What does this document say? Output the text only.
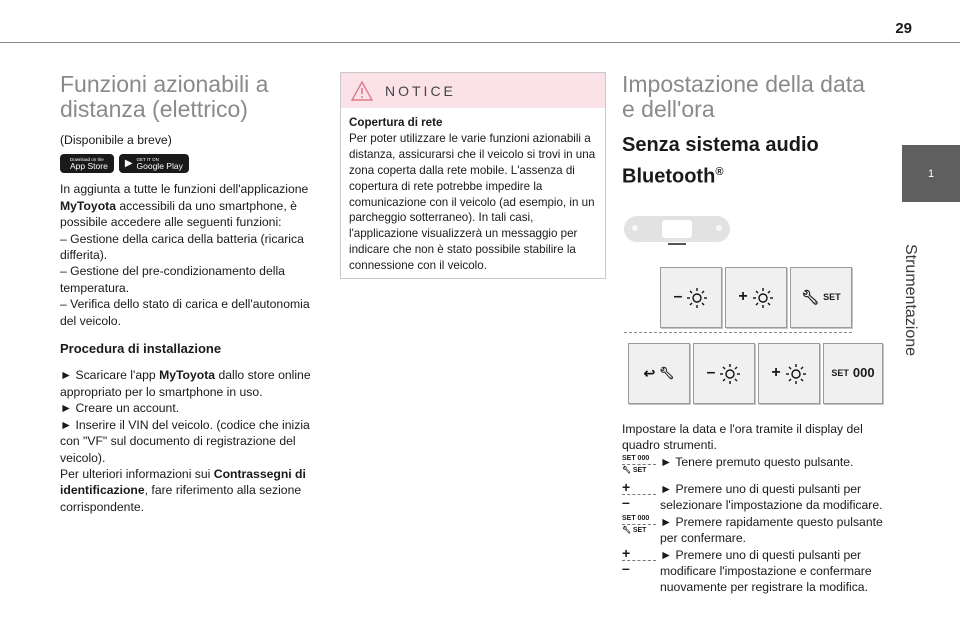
29
1
Strumentazione
Funzioni azionabili a distanza (elettrico)

(Disponibile a breve)

Download on the
App Store ▶ GET IT ON
Google Play

In aggiunta a tutte le funzioni dell'applicazione MyToyota accessibili da uno smartphone, è possibile accedere alle seguenti funzioni:

– Gestione della carica della batteria (ricarica differita).

– Gestione del pre-condizionamento della temperatura.

– Verifica dello stato di carica e dell'autonomia del veicolo.

Procedura di installazione

► Scaricare l'app MyToyota dallo store online appropriato per lo smartphone in uso.

► Creare un account.

► Inserire il VIN del veicolo. (codice che inizia con "VF" sul documento di registrazione del veicolo).

Per ulteriori informazioni sui Contrassegni di identificazione, fare riferimento alla sezione corrispondente.

NOTICE

Copertura di rete

Per poter utilizzare le varie funzioni azionabili a distanza, assicurarsi che il veicolo si trovi in una zona coperta dalla rete mobile. L'assenza di copertura di rete potrebbe impedire la comunicazione con il veicolo (ad esempio, in un parcheggio sotterraneo). In tali casi, l'applicazione visualizzerà un messaggio per indicare che non è stato possibile stabilire la connessione con il veicolo.

Impostazione della data e dell'ora
Senza sistema audio Bluetooth®
–	+	🔧︎ SET
↩ 🔧︎ –	+	SET 000

Impostare la data e l'ora tramite il display del quadro strumenti.

SET 000
🔧︎ SET

► Tenere premuto questo pulsante.

+
–

► Premere uno di questi pulsanti per selezionare l'impostazione da modificare.

SET 000
🔧︎ SET

► Premere rapidamente questo pulsante per confermare.

+
–

► Premere uno di questi pulsanti per modificare l'impostazione e confermare nuovamente per registrare la modifica.
